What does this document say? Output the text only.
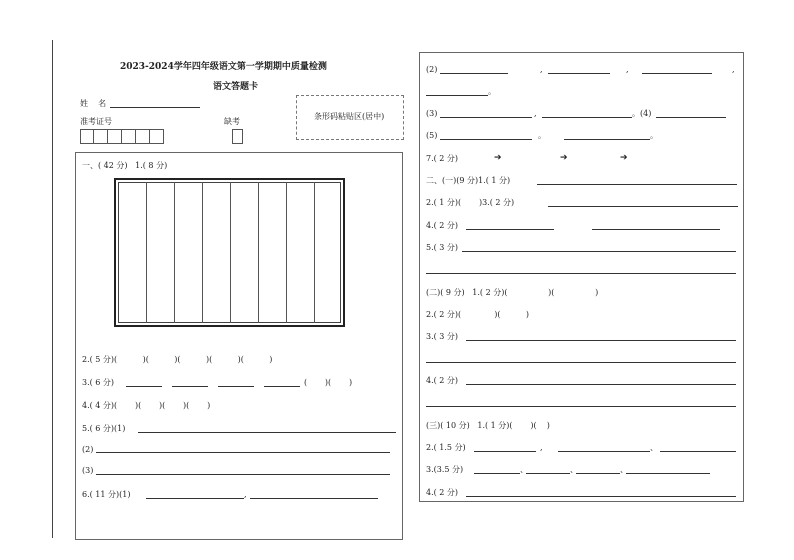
2023-2024学年四年级语文第一学期期中质量检测
语文答题卡
姓    名
准考证号	缺考
条形码粘贴区(居中)
一、( 42 分)   1.( 8 分)
2.( 5 分)(          )(          )(          )(          )(          )
3.( 6 分)	(       )(       )
4.( 4 分)(       )(       )(       )(       )
5.( 6 分)(1)
(2)
(3)
6.( 11 分)(1)	,
(2)	,	,	,
。
(3)	,	。(4)
(5)	。	。
7.( 2 分)	➔	➔	➔
二、(一)(9 分)1.( 1 分)
2.( 1 分)(       )3.( 2 分)
4.( 2 分)
5.( 3 分)
(二)( 9 分)   1.( 2 分)(                )(                )
2.( 2 分)(             )(          )
3.( 3 分)
4.( 2 分)
(三)( 10 分)   1.( 1 分)(       )(    )
2.( 1.5 分)	,	、
3.(3.5 分)	、	、	、
4.( 2 分)
